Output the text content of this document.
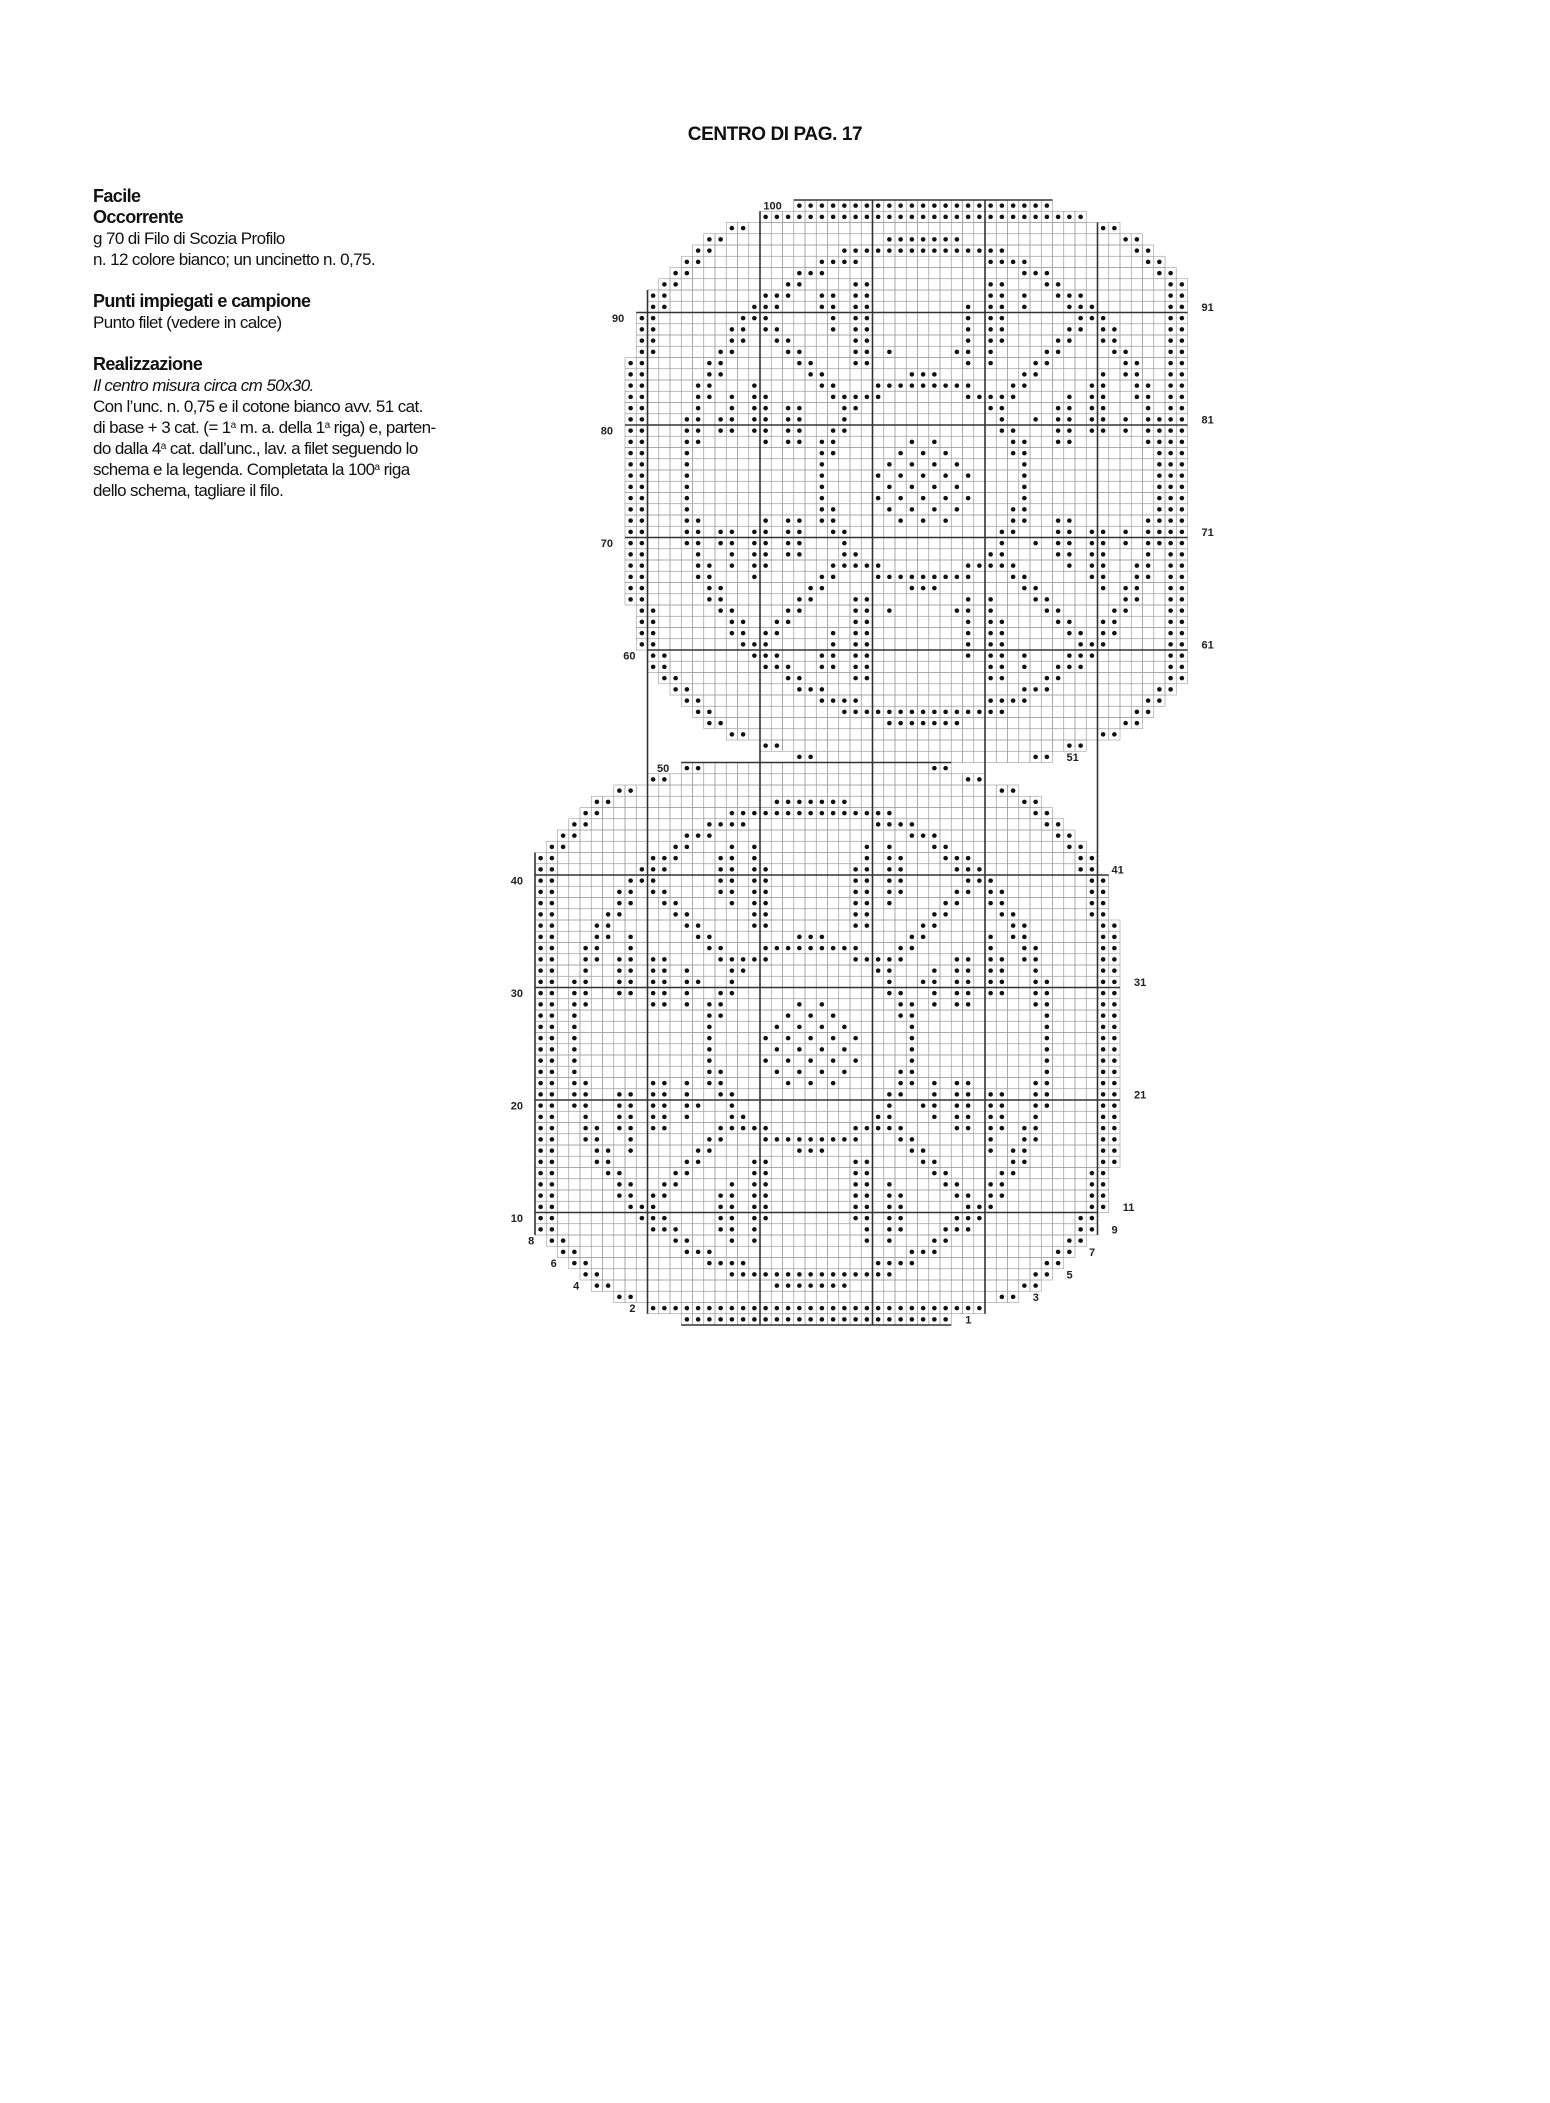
CENTRO DI PAG. 17
Facile
Occorrente
g 70 di Filo di Scozia Profilo
n. 12 colore bianco; un uncinetto n. 0,75.
Punti impiegati e campione
Punto filet (vedere in calce)
Realizzazione
Il centro misura circa cm 50x30.
Con l’unc. n. 0,75 e il cotone bianco avv. 51 cat.
di base + 3 cat. (= $1^a$ m. a. della 1$^a$ riga) e, parten-
do dalla 4$^a$ cat. dall’unc., lav. a filet seguendo lo
schema e la legenda. Completata la 100$^a$ riga
dello schema, tagliare il filo.
1
2
3
4
5
6
7
8
9
10
11
20
21
30
31
40
41
50
51
60
61
70
71
80
81
90
91
100
